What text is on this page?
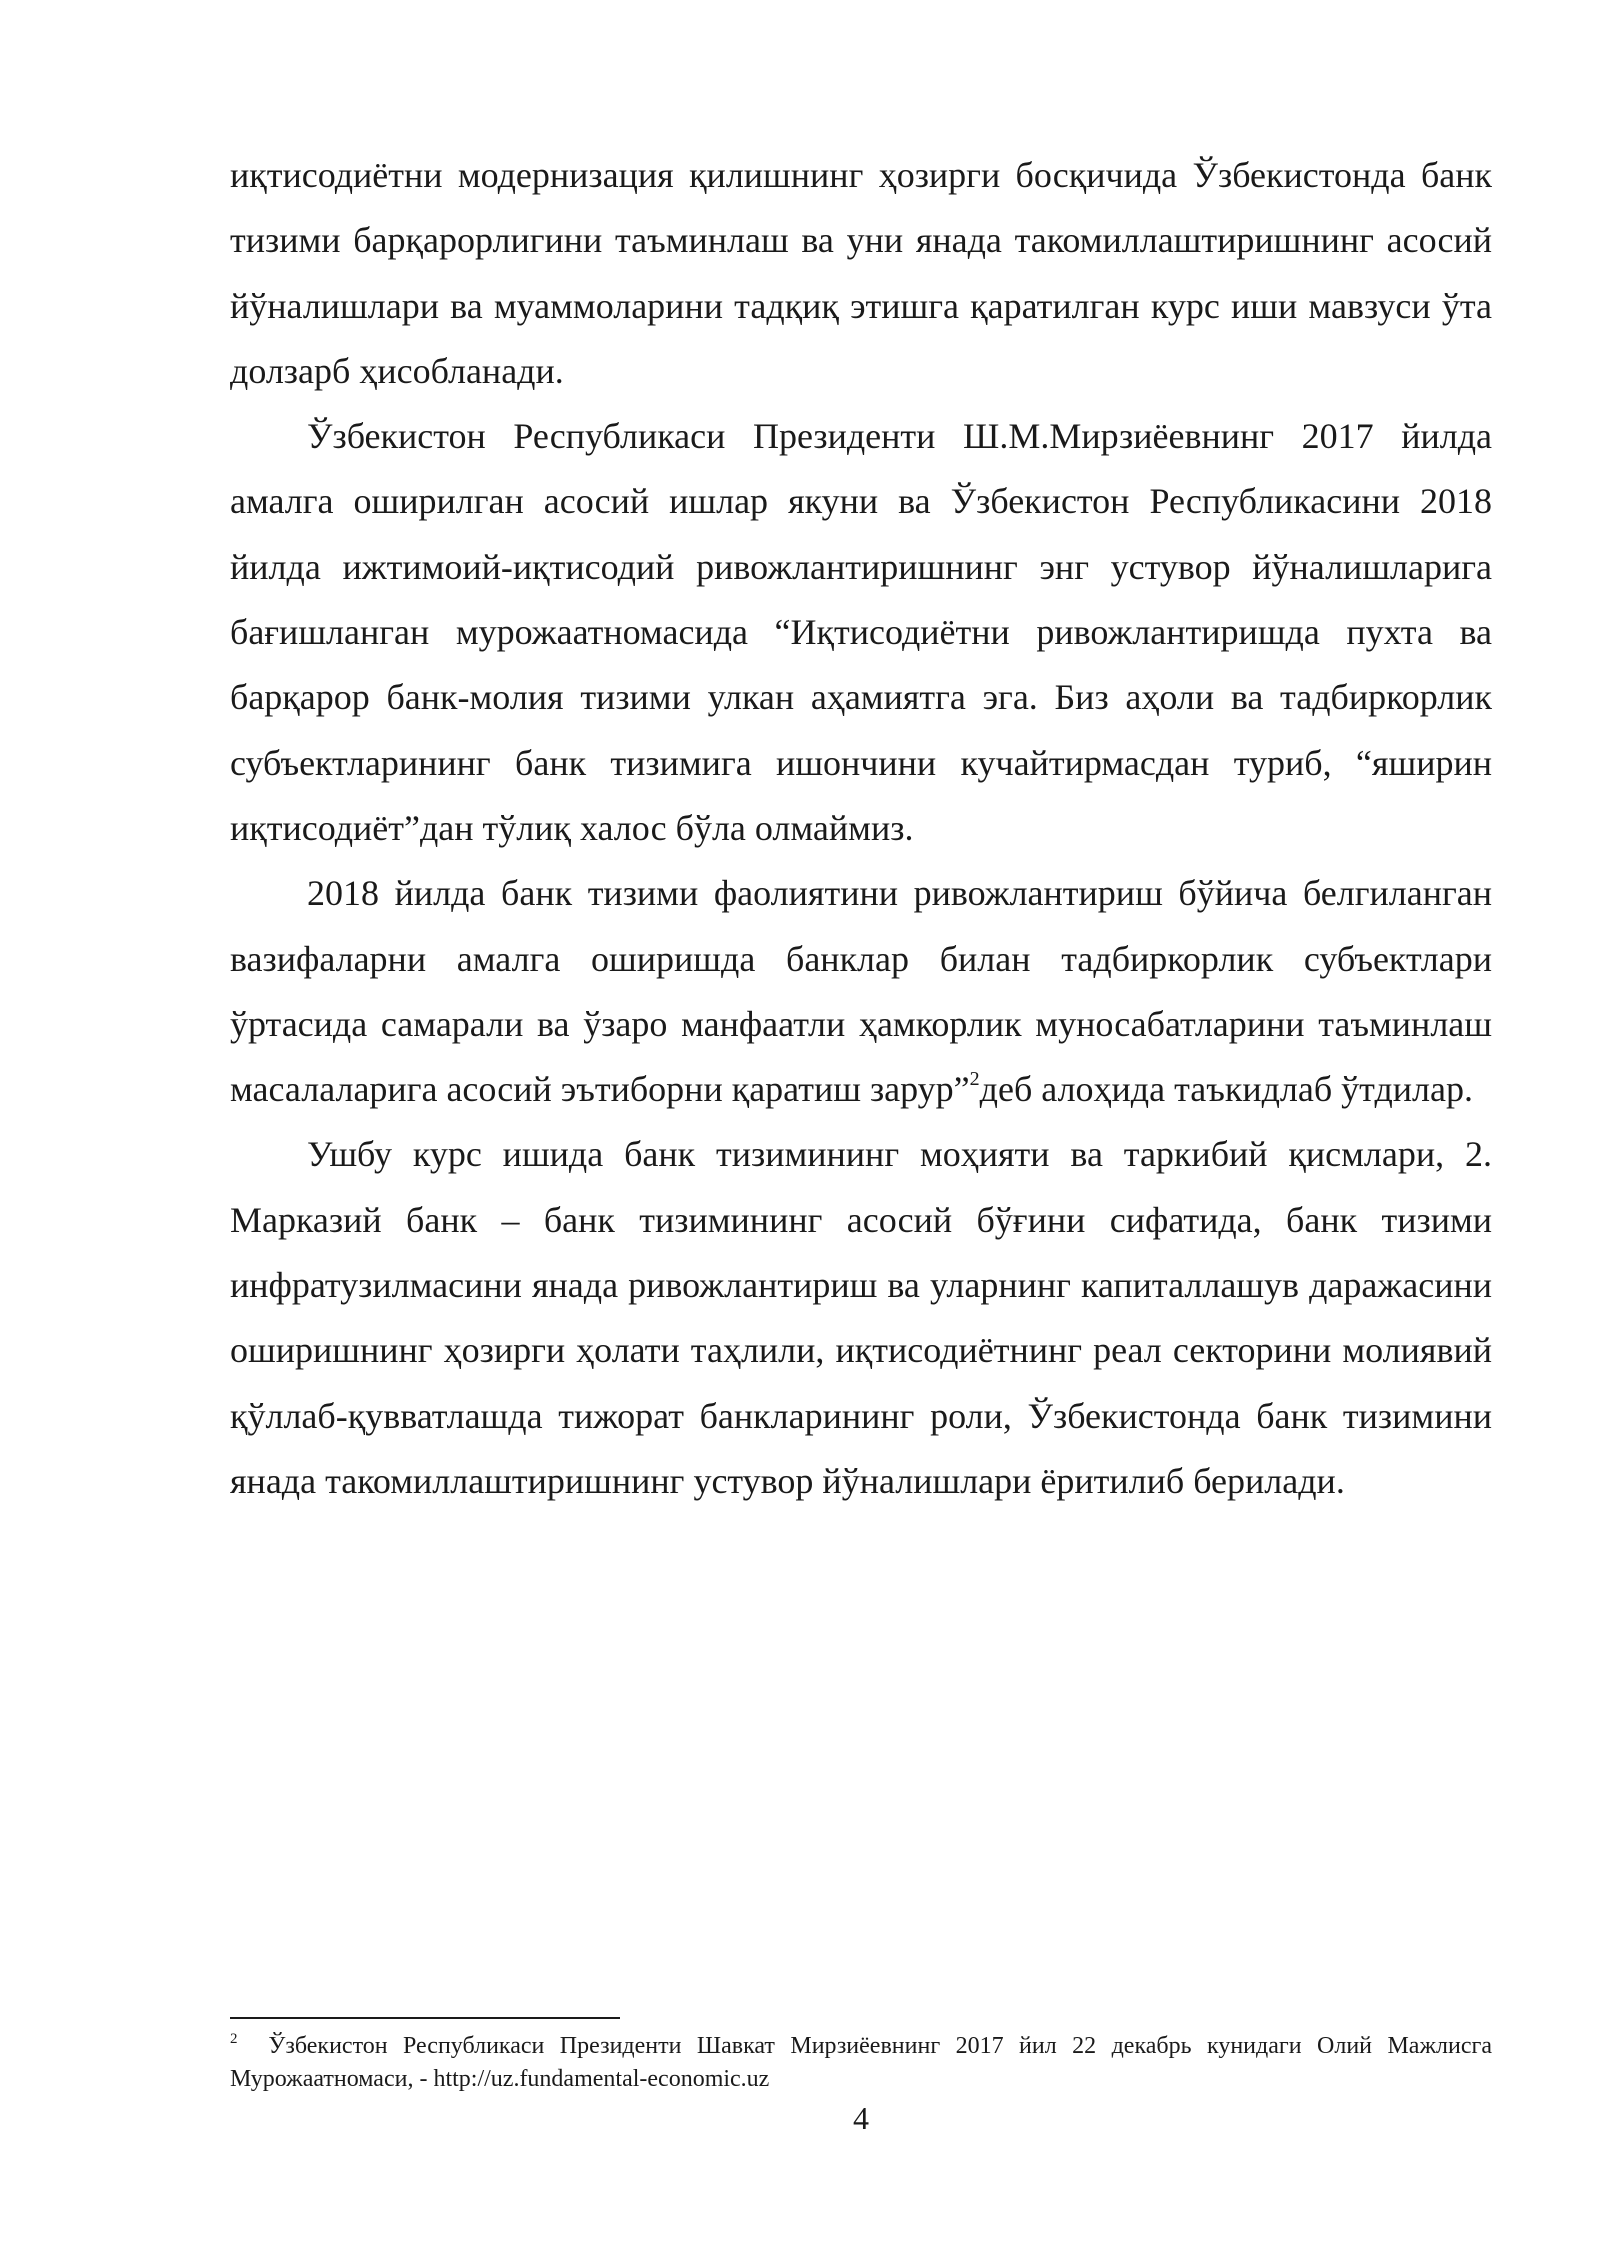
иқтисодиётни модернизация қилишнинг ҳозирги босқичида Ўзбекистонда банк тизими барқарорлигини таъминлаш ва уни янада такомиллаштиришнинг асосий йўналишлари ва муаммоларини тадқиқ этишга қаратилган курс иши мавзуси ўта долзарб ҳисобланади.

Ўзбекистон Республикаси Президенти Ш.М.Мирзиёевнинг 2017 йилда амалга оширилган асосий ишлар якуни ва Ўзбекистон Республикасини 2018 йилда ижтимоий-иқтисодий ривожлантиришнинг энг устувор йўналишларига бағишланган мурожаатномасида “Иқтисодиётни ривожлантиришда пухта ва барқарор банк-молия тизими улкан аҳамиятга эга. Биз аҳоли ва тадбиркорлик субъектларининг банк тизимига ишончини кучайтирмасдан туриб, “яширин иқтисодиёт”дан тўлиқ халос бўла олмаймиз.

2018 йилда банк тизими фаолиятини ривожлантириш бўйича белгиланган вазифаларни амалга оширишда банклар билан тадбиркорлик субъектлари ўртасида самарали ва ўзаро манфаатли ҳамкорлик муносабатларини таъминлаш масалаларига асосий эътиборни қаратиш зарур”$^2$деб алоҳида таъкидлаб ўтдилар.

Ушбу курс ишида банк тизимининг моҳияти ва таркибий қисмлари, 2. Марказий банк – банк тизимининг асосий бўғини сифатида, банк тизими инфратузилмасини янада ривожлантириш ва уларнинг капиталлашув даражасини оширишнинг ҳозирги ҳолати таҳлили, иқтисодиётнинг реал секторини молиявий қўллаб-қувватлашда тижорат банкларининг роли, Ўзбекистонда банк тизимини янада такомиллаштиришнинг устувор йўналишлари ёритилиб берилади.

$^2$ Ўзбекистон Республикаси Президенти Шавкат Мирзиёевнинг 2017 йил 22 декабрь кунидаги Олий Мажлисга Мурожаатномаси, - http://uz.fundamental-economic.uz
4
